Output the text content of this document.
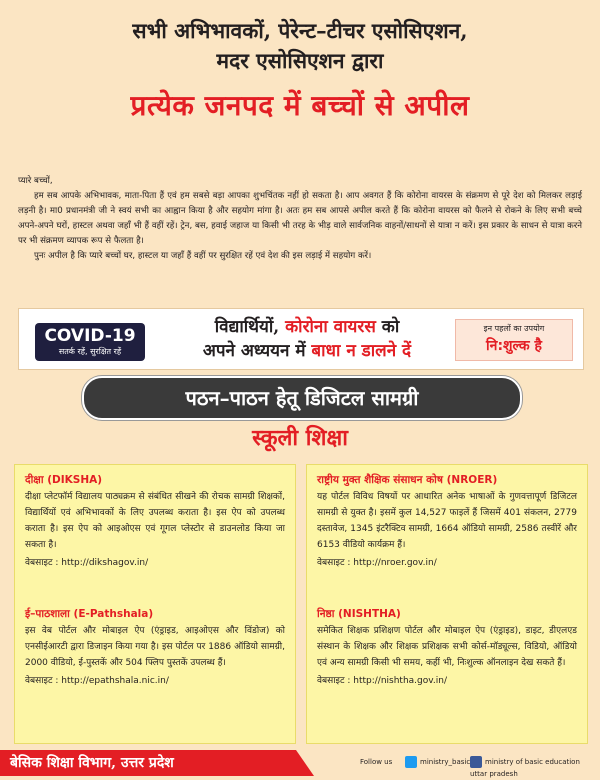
सभी अभिभावकों, पेरेन्ट–टीचर एसोसिएशन,
मदर एसोसिएशन द्वारा
प्रत्येक जनपद में बच्चों से अपील

प्यारे बच्चों,

हम सब आपके अभिभावक, माता-पिता हैं एवं हम सबसे बड़ा आपका शुभचिंतक नहीं हो सकता है। आप अवगत हैं कि कोरोना वायरस के संक्रमण से पूरे देश को मिलकर लड़ाई लड़नी है। मा0 प्रधानमंत्री जी ने स्वयं सभी का आह्वान किया है और सहयोग मांगा है। अतः हम सब आपसे अपील करते हैं कि कोरोना वायरस को फैलने से रोकने के लिए सभी बच्चे अपने-अपने घरों, हास्टल अथवा जहाँ भी हैं वहीं रहें। ट्रेन, बस, हवाई जहाज या किसी भी तरह के भीड़ वाले सार्वजनिक वाहनों/साधनों से यात्रा न करें। इस प्रकार के साधन से यात्रा करने पर भी संक्रमण व्यापक रूप से फैलता है।

पुनः अपील है कि प्यारे बच्चों घर, हास्टल या जहाँ हैं वहीं पर सुरक्षित रहें एवं देश की इस लड़ाई में सहयोग करें।

COVID-19
सतर्क रहें, सुरक्षित रहें
विद्यार्थियों, कोरोना वायरस को
अपने अध्ययन में बाधा न डालने दें
इन पहलों का उपयोग
नि:शुल्क है
पठन–पाठन हेतू डिजिटल सामग्री
स्कूली शिक्षा
दीक्षा (DIKSHA)

दीक्षा प्लेटफॉर्म विद्यालय पाठ्यक्रम से संबंधित सीखने की रोचक सामग्री शिक्षकों, विद्यार्थियों एवं अभिभावकों के लिए उपलब्ध कराता है। इस ऐप को उपलब्ध कराता है। इस ऐप को आइओएस एवं गूगल प्लेस्टोर से डाउनलोड किया जा सकता है।

वेबसाइट : http://dikshagov.in/

ई–पाठशाला (E-Pathshala)

इस वेब पोर्टल और मोबाइल ऐप (एंड्राइड, आइओएस और विंडोज) को एनसीईआरटी द्वारा डिजाइन किया गया है। इस पोर्टल पर 1886 ऑडियो सामग्री, 2000 वीडियो, ई-पुस्तकें और 504 फ्लिप पुस्तकें उपलब्ध हैं।

वेबसाइट : http://epathshala.nic.in/

राष्ट्रीय मुक्त शैक्षिक संसाधन कोष (NROER)

यह पोर्टल विविध विषयों पर आधारित अनेक भाषाओं के गुणवत्तापूर्ण डिजिटल सामग्री से युक्त है। इसमें कुल 14,527 फाइलें हैं जिसमें 401 संकलन, 2779 दस्तावेज, 1345 इंटरैक्टिव सामग्री, 1664 ऑडियो सामग्री, 2586 तस्वीरें और 6153 वीडियो कार्यक्रम हैं।

वेबसाइट : http://nroer.gov.in/

निष्ठा (NISHTHA)

समेकित शिक्षक प्रशिक्षण पोर्टल और मोबाइल ऐप (एंड्राइड), डाइट, डीएलएड संस्थान के शिक्षक और शिक्षक प्रशिक्षक सभी कोर्स-मॉड्यूल्स, विडियो, ऑडियो एवं अन्य सामग्री किसी भी समय, कहीं भी, निःशुल्क ऑनलाइन देख सकते हैं।

वेबसाइट : http://nishtha.gov.in/

बेसिक शिक्षा विभाग, उत्तर प्रदेश	Follow us	ministry_basic	ministry of basic education uttar pradesh
